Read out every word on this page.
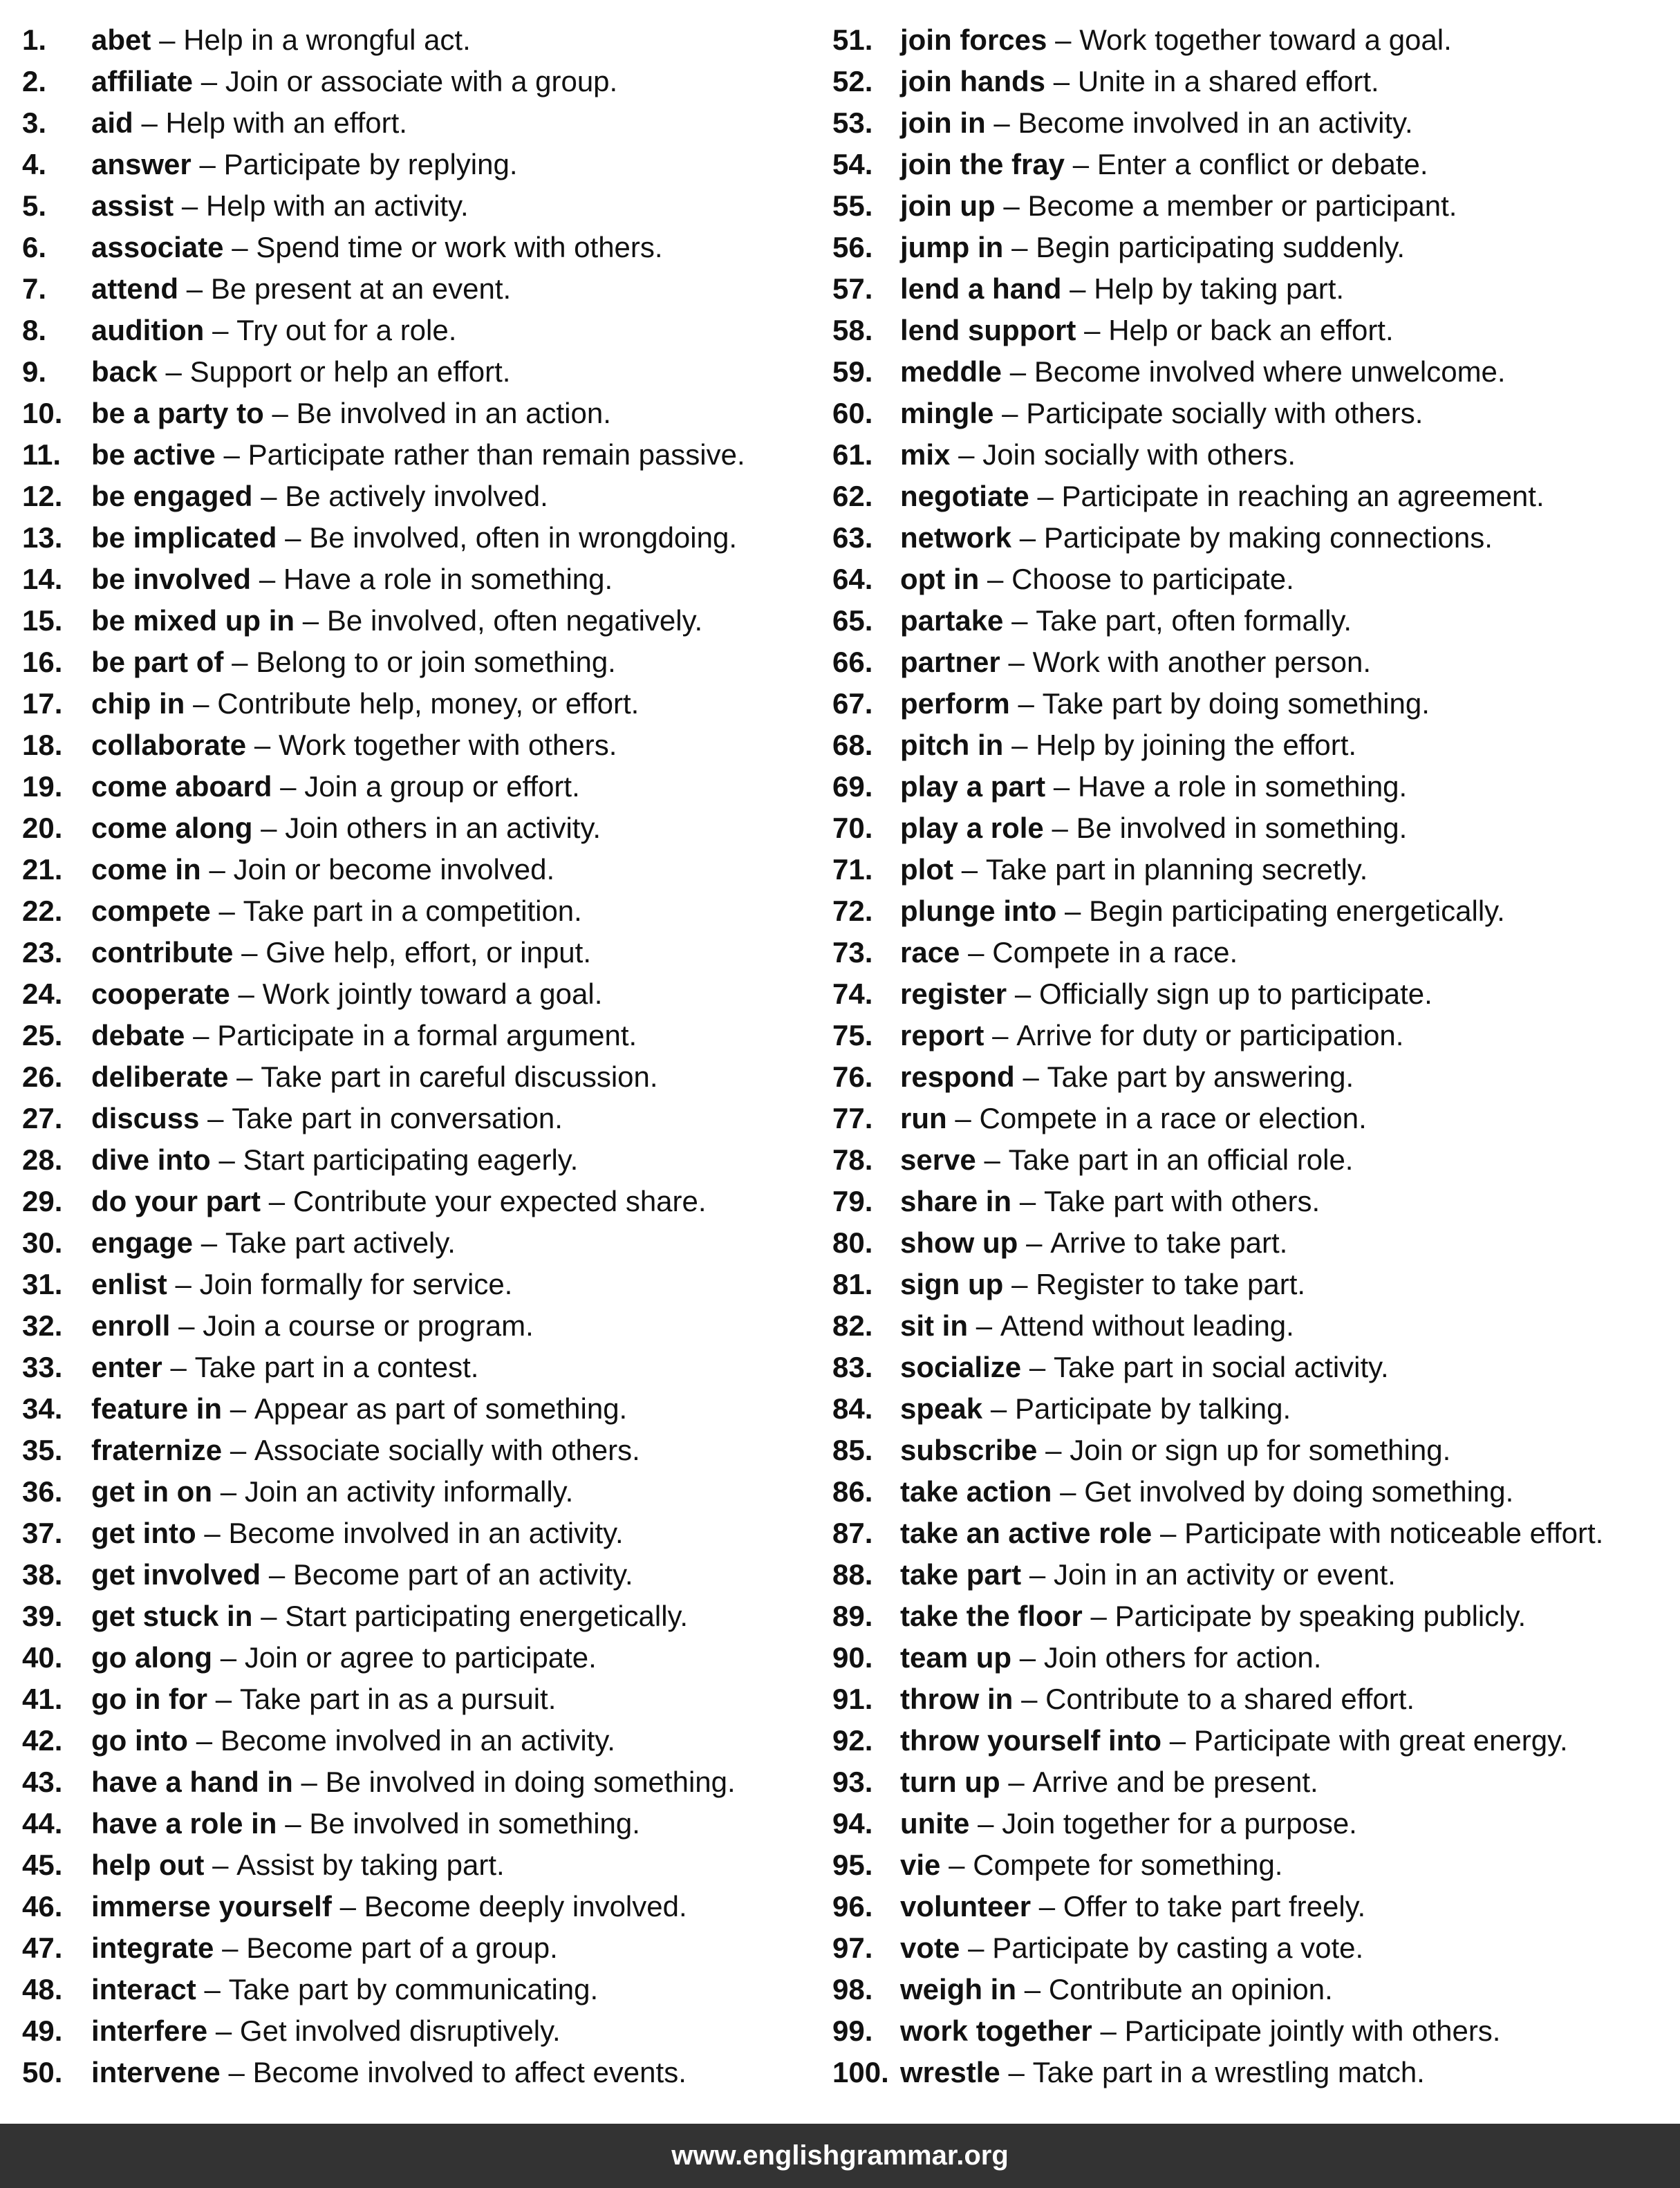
1.	abet – Help in a wrongful act.
2.	affiliate – Join or associate with a group.
3.	aid – Help with an effort.
4.	answer – Participate by replying.
5.	assist – Help with an activity.
6.	associate – Spend time or work with others.
7.	attend – Be present at an event.
8.	audition – Try out for a role.
9.	back – Support or help an effort.
10. be a party to – Be involved in an action.
11.	be active – Participate rather than remain passive.
12. be engaged – Be actively involved.
13. be implicated – Be involved, often in wrongdoing.
14. be involved – Have a role in something.
15. be mixed up in – Be involved, often negatively.
16. be part of – Belong to or join something.
17. chip in – Contribute help, money, or effort.
18. collaborate – Work together with others.
19. come aboard – Join a group or effort.
20. come along – Join others in an activity.
21. come in – Join or become involved.
22. compete – Take part in a competition.
23. contribute – Give help, effort, or input.
24. cooperate – Work jointly toward a goal.
25. debate – Participate in a formal argument.
26. deliberate – Take part in careful discussion.
27. discuss – Take part in conversation.
28. dive into – Start participating eagerly.
29. do your part – Contribute your expected share.
30. engage – Take part actively.
31. enlist – Join formally for service.
32. enroll – Join a course or program.
33. enter – Take part in a contest.
34. feature in – Appear as part of something.
35. fraternize – Associate socially with others.
36. get in on – Join an activity informally.
37. get into – Become involved in an activity.
38. get involved – Become part of an activity.
39. get stuck in – Start participating energetically.
40. go along – Join or agree to participate.
41. go in for – Take part in as a pursuit.
42. go into – Become involved in an activity.
43. have a hand in – Be involved in doing something.
44. have a role in – Be involved in something.
45. help out – Assist by taking part.
46. immerse yourself – Become deeply involved.
47. integrate – Become part of a group.
48. interact – Take part by communicating.
49. interfere – Get involved disruptively.
50. intervene – Become involved to affect events.
51. join forces – Work together toward a goal.
52. join hands – Unite in a shared effort.
53. join in – Become involved in an activity.
54. join the fray – Enter a conflict or debate.
55. join up – Become a member or participant.
56. jump in – Begin participating suddenly.
57. lend a hand – Help by taking part.
58. lend support – Help or back an effort.
59. meddle – Become involved where unwelcome.
60. mingle – Participate socially with others.
61. mix – Join socially with others.
62. negotiate – Participate in reaching an agreement.
63. network – Participate by making connections.
64. opt in – Choose to participate.
65. partake – Take part, often formally.
66. partner – Work with another person.
67. perform – Take part by doing something.
68. pitch in – Help by joining the effort.
69. play a part – Have a role in something.
70. play a role – Be involved in something.
71. plot – Take part in planning secretly.
72. plunge into – Begin participating energetically.
73. race – Compete in a race.
74. register – Officially sign up to participate.
75. report – Arrive for duty or participation.
76. respond – Take part by answering.
77. run – Compete in a race or election.
78. serve – Take part in an official role.
79. share in – Take part with others.
80. show up – Arrive to take part.
81. sign up – Register to take part.
82. sit in – Attend without leading.
83. socialize – Take part in social activity.
84. speak – Participate by talking.
85. subscribe – Join or sign up for something.
86. take action – Get involved by doing something.
87. take an active role – Participate with noticeable effort.
88. take part – Join in an activity or event.
89. take the floor – Participate by speaking publicly.
90. team up – Join others for action.
91. throw in – Contribute to a shared effort.
92. throw yourself into – Participate with great energy.
93. turn up – Arrive and be present.
94. unite – Join together for a purpose.
95. vie – Compete for something.
96. volunteer – Offer to take part freely.
97. vote – Participate by casting a vote.
98. weigh in – Contribute an opinion.
99. work together – Participate jointly with others.
100. wrestle – Take part in a wrestling match.
www.englishgrammar.org
